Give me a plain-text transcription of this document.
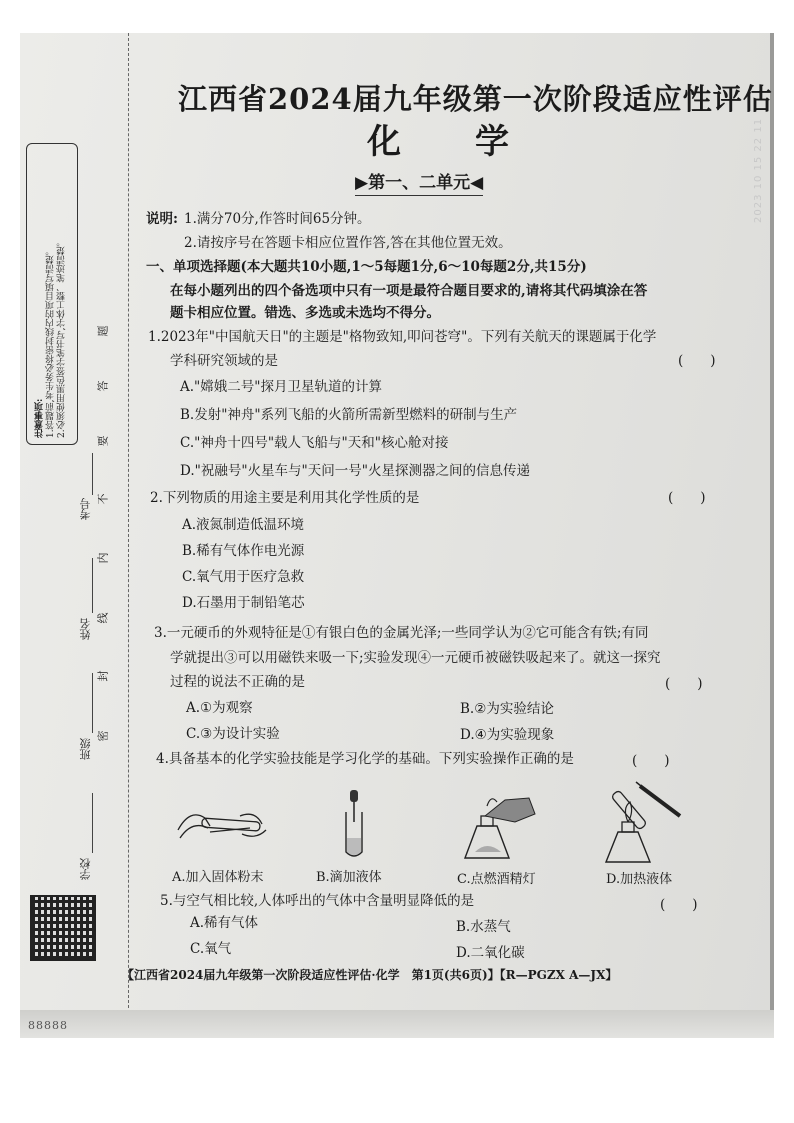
注意事项:
1.答题前,考生务必将密封线内的项目填写清楚。
2.必须使用黑色签字笔书写,字体工整、笔迹清楚。
考号
姓名
班级
学校
题
答
要
不
内
线
封
密
2023 10 15 22 11
88888
江西省2024届九年级第一次阶段适应性评估
化　学
▶第一、二单元◀
说明: 1.满分70分,作答时间65分钟。
2.请按序号在答题卡相应位置作答,答在其他位置无效。
一、单项选择题(本大题共10小题,1～5每题1分,6～10每题2分,共15分)
在每小题列出的四个备选项中只有一项是最符合题目要求的,请将其代码填涂在答
题卡相应位置。错选、多选或未选均不得分。
1.2023年"中国航天日"的主题是"格物致知,叩问苍穹"。下列有关航天的课题属于化学
学科研究领域的是	(　　)
A."嫦娥二号"探月卫星轨道的计算
B.发射"神舟"系列飞船的火箭所需新型燃料的研制与生产
C."神舟十四号"载人飞船与"天和"核心舱对接
D."祝融号"火星车与"天问一号"火星探测器之间的信息传递
2.下列物质的用途主要是利用其化学性质的是	(　　)
A.液氮制造低温环境
B.稀有气体作电光源
C.氧气用于医疗急救
D.石墨用于制铅笔芯
3.一元硬币的外观特征是①有银白色的金属光泽;一些同学认为②它可能含有铁;有同
学就提出③可以用磁铁来吸一下;实验发现④一元硬币被磁铁吸起来了。就这一探究
过程的说法不正确的是	(　　)
A.①为观察	B.②为实验结论
C.③为设计实验	D.④为实验现象
4.具备基本的化学实验技能是学习化学的基础。下列实验操作正确的是	(　　)
A.加入固体粉末	B.滴加液体	C.点燃酒精灯	D.加热液体
5.与空气相比较,人体呼出的气体中含量明显降低的是	(　　)
A.稀有气体	B.水蒸气
C.氧气	D.二氧化碳
【江西省2024届九年级第一次阶段适应性评估·化学　第1页(共6页)】【R—PGZX A—JX】
